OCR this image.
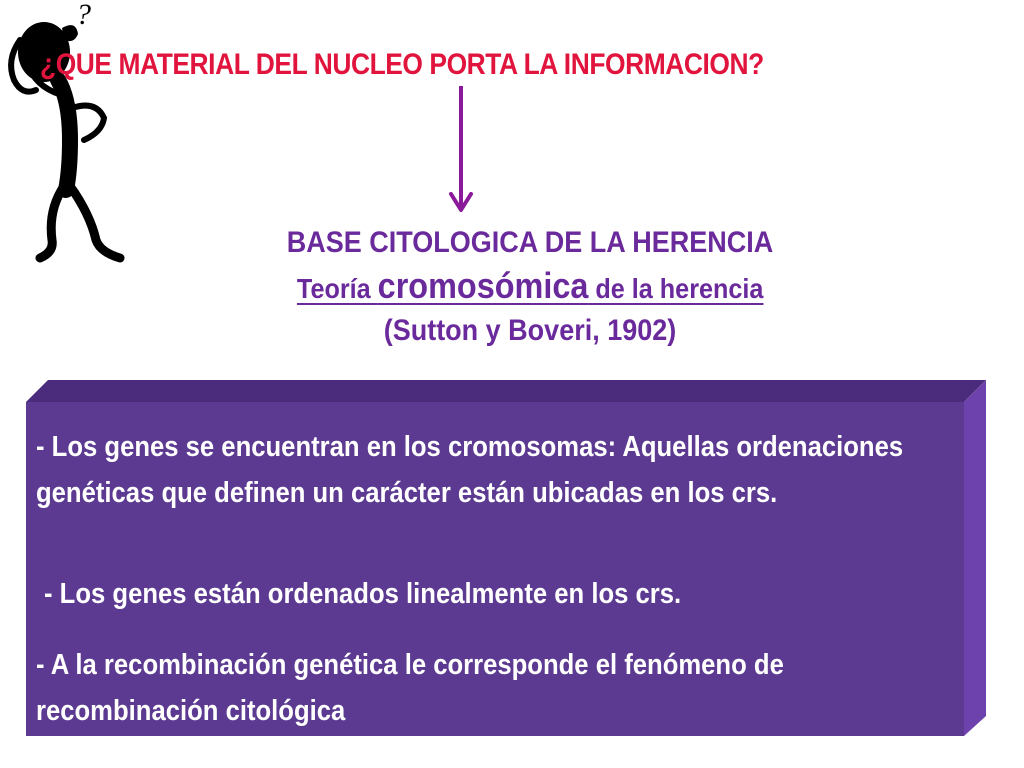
?
¿QUE MATERIAL DEL NUCLEO PORTA LA INFORMACION?
BASE CITOLOGICA DE LA HERENCIA
Teoría cromosómica de la herencia
(Sutton y Boveri, 1902)
- Los genes se encuentran en los cromosomas: Aquellas ordenaciones genéticas que definen un carácter están ubicadas en los crs.
- Los genes están ordenados linealmente en los crs.
- A la recombinación genética le corresponde el fenómeno de recombinación citológica
